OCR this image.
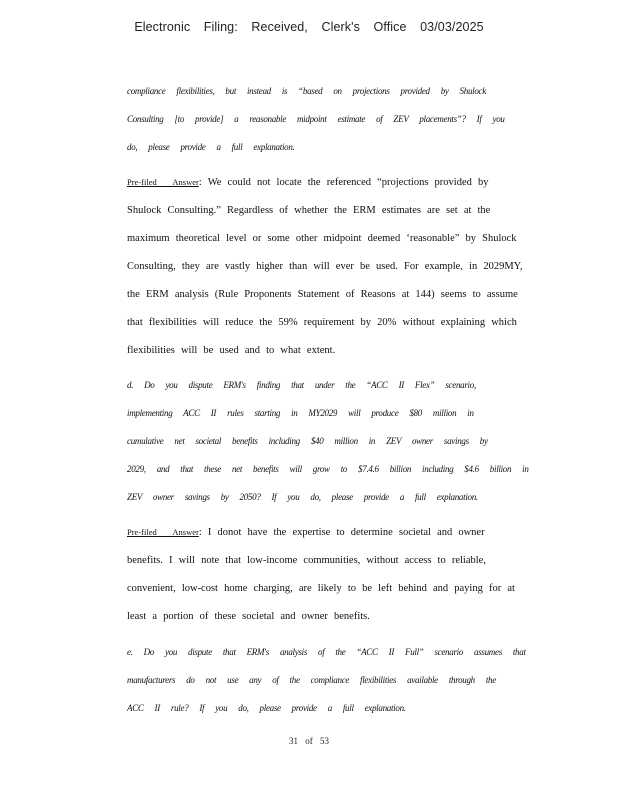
Electronic Filing: Received, Clerk's Office 03/03/2025
compliance flexibilities, but instead is “based on projections provided by Shulock
Consulting [to provide] a reasonable midpoint estimate of ZEV placements”? If you
do, please provide a full explanation.
Pre-filed Answer: We could not locate the referenced “projections provided by
Shulock Consulting.” Regardless of whether the ERM estimates are set at the
maximum theoretical level or some other midpoint deemed ‘reasonable” by Shulock
Consulting, they are vastly higher than will ever be used. For example, in 2029MY,
the ERM analysis (Rule Proponents Statement of Reasons at 144) seems to assume
that flexibilities will reduce the 59% requirement by 20% without explaining which
flexibilities will be used and to what extent.
d. Do you dispute ERM's finding that under the “ACC II Flex” scenario,
implementing ACC II rules starting in MY2029 will produce $80 million in
cumulative net societal benefits including $40 million in ZEV owner savings by
2029, and that these net benefits will grow to $7.4.6 billion including $4.6 billion in
ZEV owner savings by 2050? If you do, please provide a full explanation.
Pre-filed Answer: I donot have the expertise to determine societal and owner
benefits. I will note that low-income communities, without access to reliable,
convenient, low-cost home charging, are likely to be left behind and paying for at
least a portion of these societal and owner benefits.
e. Do you dispute that ERM's analysis of the “ACC II Full” scenario assumes that
manufacturers do not use any of the compliance flexibilities available through the
ACC II rule? If you do, please provide a full explanation.
31 of 53
